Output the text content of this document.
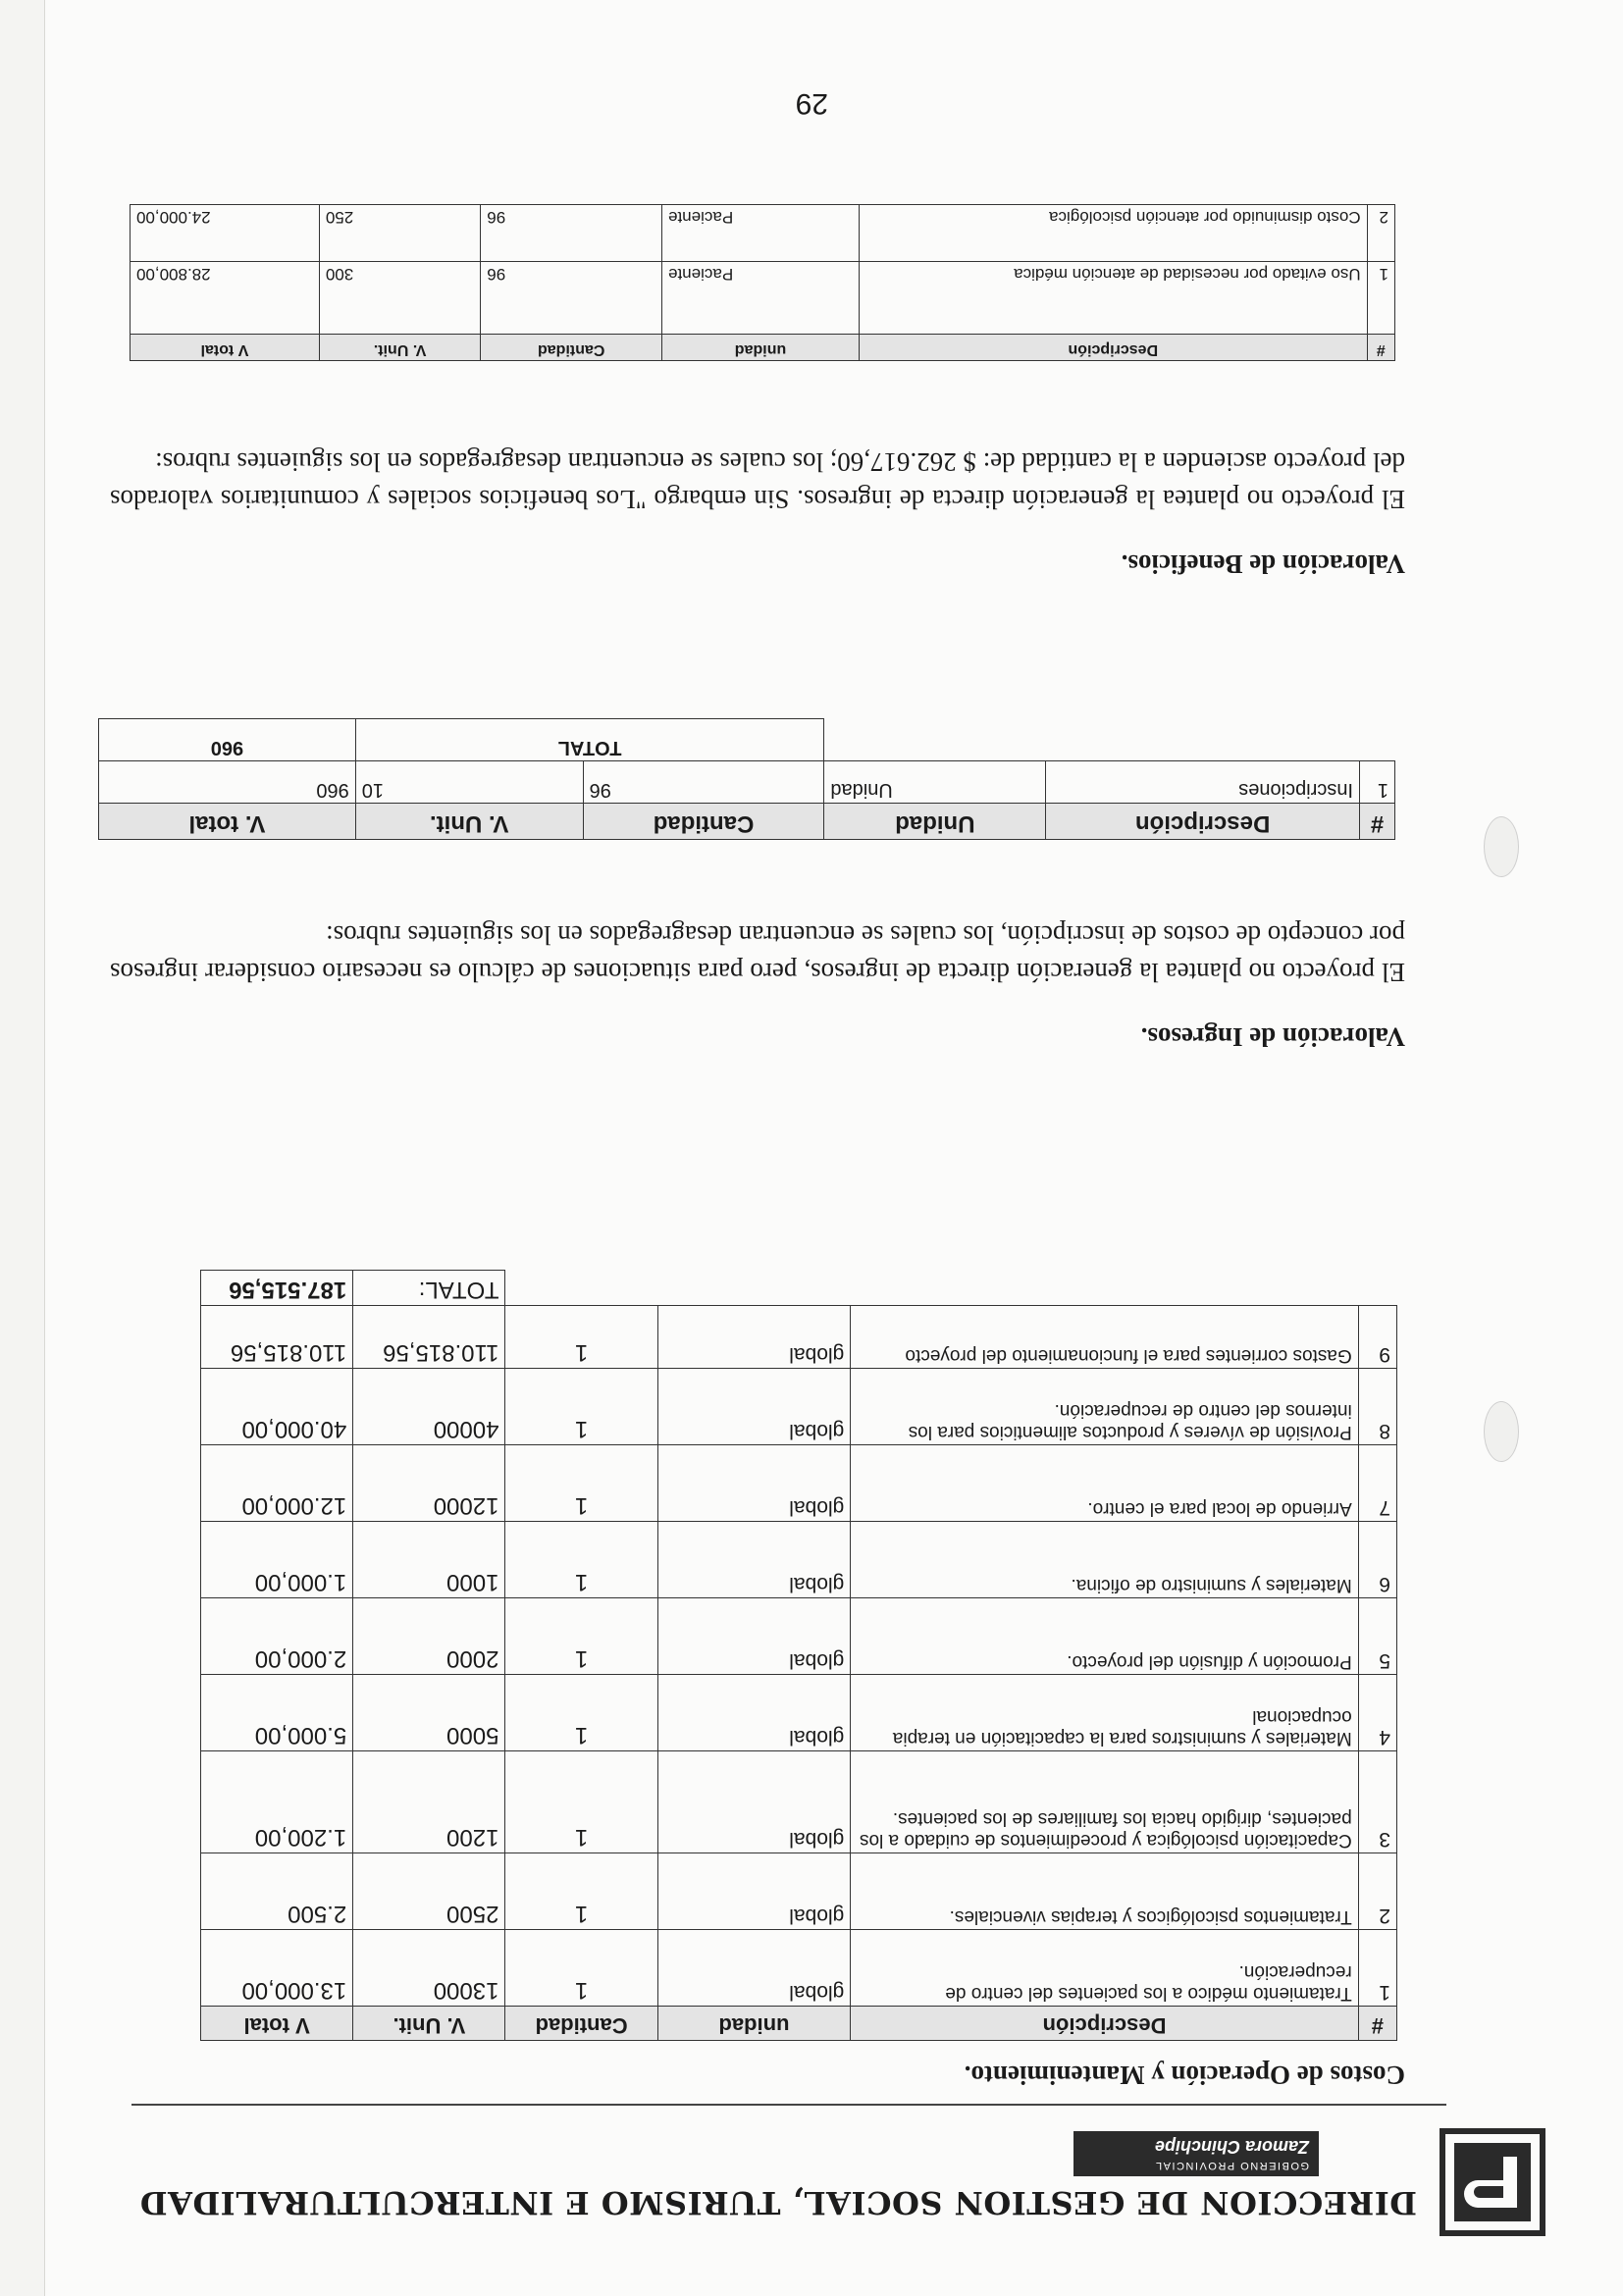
DIRECCION DE GESTION SOCIAL, TURISMO E INTERCULTURALIDAD
GOBIERNO PROVINCIAL
Zamora Chinchipe
Costos de Operación y Mantenimiento.
#	Descripción	unidad	Cantidad	V. Unit.	V total
1	Tratamiento médico a los pacientes del centro de recuperación.	global	1	13000	13.000,00
2	Tratamientos psicológicos y terapias vivenciales.	global	1	2500	2.500
3	Capacitación psicológica y procedimientos de cuidado a los pacientes, dirigido hacia los familiares de los pacientes.	global	1	1200	1.200,00
4	Materiales y suministros para la capacitación en terapia ocupacional	global	1	5000	5.000,00
5	Promoción y difusión del proyecto.	global	1	2000	2.000,00
6	Materiales y suministro de oficina.	global	1	1000	1.000,00
7	Arriendo de local para el centro.	global	1	12000	12.000,00
8	Provisión de víveres y productos alimenticios para los internos del centro de recuperación.	global	1	40000	40.000,00
9	Gastos corrientes para el funcionamiento del proyecto	global	1	110.815,56	110.815,56
				TOTAL:	187.515,56
Valoración de Ingresos.
El proyecto no planteа la generación directa de ingresos, pero para situaciones de cálculo es necesario considerar ingresos por concepto de costos de inscripción, los cuales se encuentran desagregados en los siguientes rubros:
#	Descripción	Unidad	Cantidad	V. Unit.	V. total
1	Inscripciones	Unidad	96	10	960
			TOTAL		960
Valoración de Beneficios.
El proyecto no plantea la generación directa de ingresos. Sin embargo "Los beneficios sociales y comunitarios valorados del proyecto ascienden a la cantidad de: $ 262.617,60; los cuales se encuentran desagregados en los siguientes rubros:
#	Descripción	unidad	Cantidad	V. Unit.	V total
1	Uso evitado por necesidad de atención médica	Paciente	96	300	28.800,00
2	Costo disminuido por atención psicológica	Paciente	96	250	24.000,00
29
